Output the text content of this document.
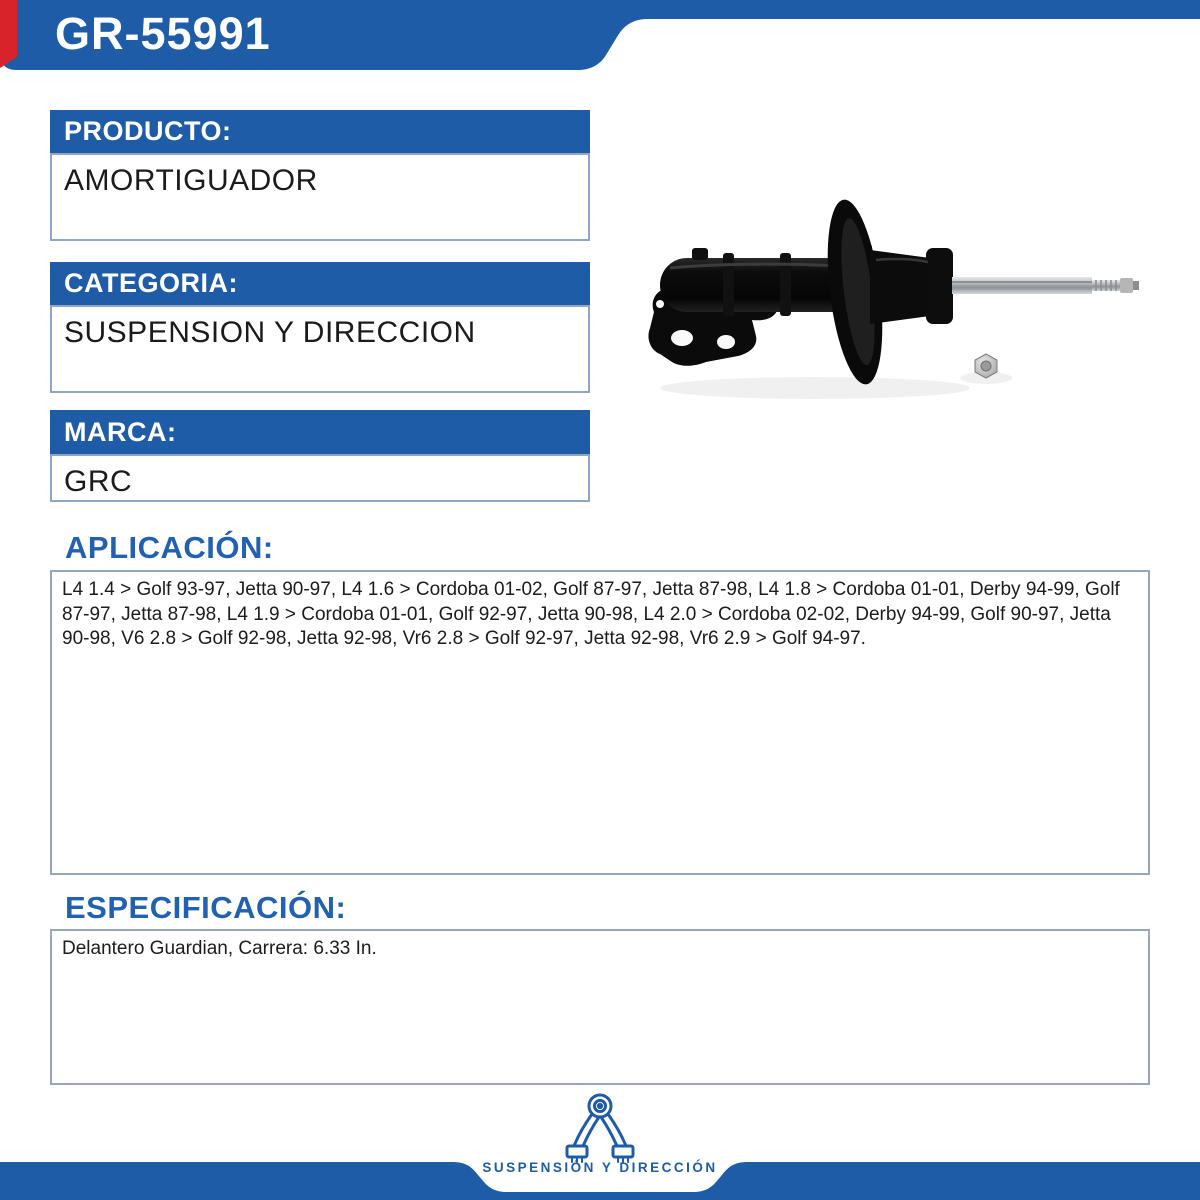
GR-55991
PRODUCTO:
AMORTIGUADOR
CATEGORIA:
SUSPENSION Y DIRECCION
MARCA:
GRC
APLICACIÓN:
L4 1.4 > Golf 93-97, Jetta 90-97, L4 1.6 > Cordoba 01-02, Golf 87-97, Jetta 87-98, L4 1.8 > Cordoba 01-01, Derby 94-99, Golf 87-97, Jetta 87-98, L4 1.9 > Cordoba 01-01, Golf 92-97, Jetta 90-98, L4 2.0 > Cordoba 02-02, Derby 94-99, Golf 90-97, Jetta 90-98, V6 2.8 > Golf 92-98, Jetta 92-98, Vr6 2.8 > Golf 92-97, Jetta 92-98, Vr6 2.9 > Golf 94-97.
ESPECIFICACIÓN:
Delantero Guardian, Carrera: 6.33 In.
SUSPENSIÓN Y DIRECCIÓN
